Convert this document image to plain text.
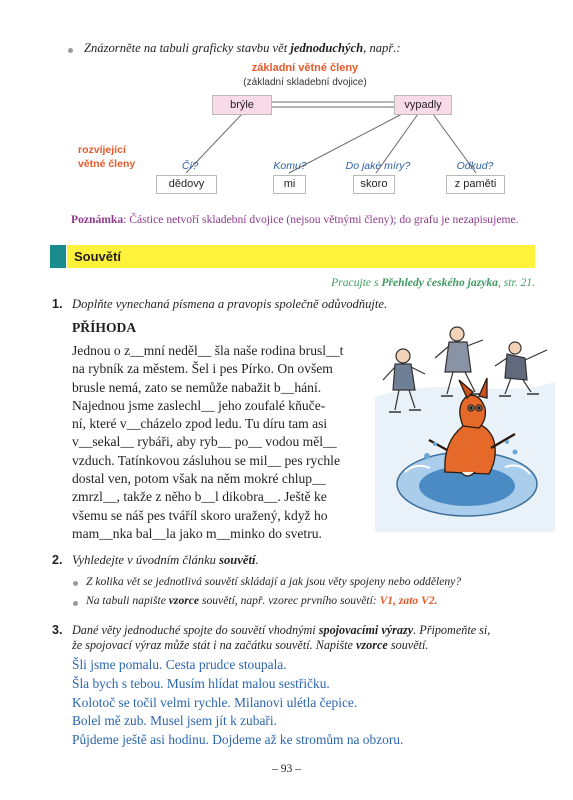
Znázorněte na tabuli graficky stavbu vět jednoduchých, např.:
základní větné členy
(základní skladební dvojice)
brýle	vypadly
rozvíjející
větné členy	Čí?	Komu?	Do jaké míry?	Odkud?
dědovy	mi	skoro	z paměti
Poznámka: Částice netvoří skladební dvojice (nejsou větnými členy); do grafu je nezapisujeme.
Souvětí
Pracujte s Přehledy českého jazyka, str. 21.
1. Doplňte vynechaná písmena a pravopis společně odůvodňujte.
PŘÍHODA
Jednou o z__mní neděl__ šla naše rodina brusl__t
na rybník za městem. Šel i pes Pírko. On ovšem
brusle nemá, zato se nemůže nabažit b__hání.
Najednou jsme zaslechl__ jeho zoufalé kňuče-
ní, které v__cházelo zpod ledu. Tu díru tam asi
v__sekal__ rybáři, aby ryb__ po__ vodou měl__
vzduch. Tatínkovou zásluhou se mil__ pes rychle
dostal ven, potom však na něm mokré chlup__
zmrzl__, takže z něho b__l dikobra__. Ještě ke
všemu se náš pes tváříl skoro uražený, když ho
mam__nka bal__la jako m__minko do svetru.
2. Vyhledejte v úvodním článku souvětí.
Z kolika vět se jednotlivá souvětí skládají a jak jsou věty spojeny nebo odděleny?
Na tabuli napište vzorce souvětí, např. vzorec prvního souvětí: V1, zato V2.
3. Dané věty jednoduché spojte do souvětí vhodnými spojovacími výrazy. Připomeňte si,
že spojovací výraz může stát i na začátku souvětí. Napište vzorce souvětí.
Šli jsme pomalu. Cesta prudce stoupala.
Šla bych s tebou. Musím hlídat malou sestřičku.
Kolotoč se točil velmi rychle. Milanovi ulétla čepice.
Bolel mě zub. Musel jsem jít k zubaři.
Půjdeme ještě asi hodinu. Dojdeme až ke stromům na obzoru.
– 93 –
